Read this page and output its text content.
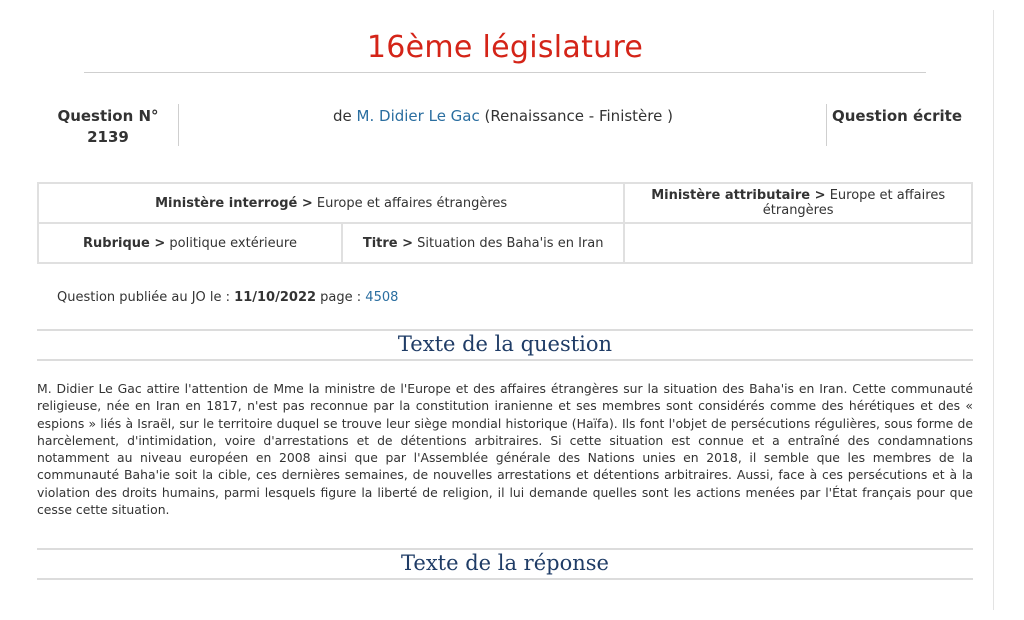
16ème législature
Question N°
2139
de M. Didier Le Gac (Renaissance - Finistère )	Question écrite
Ministère interrogé > Europe et affaires étrangères		Ministère attributaire > Europe et affaires étrangères
Rubrique > politique extérieure	Titre > Situation des Baha'is en Iran	
Question publiée au JO le : 11/10/2022 page : 4508
Texte de la question
M. Didier Le Gac attire l'attention de Mme la ministre de l'Europe et des affaires étrangères sur la situation des Baha'is en Iran. Cette communauté religieuse, née en Iran en 1817, n'est pas reconnue par la constitution iranienne et ses membres sont considérés comme des hérétiques et des « espions » liés à Israël, sur le territoire duquel se trouve leur siège mondial historique (Haïfa). Ils font l'objet de persécutions régulières, sous forme de harcèlement, d'intimidation, voire d'arrestations et de détentions arbitraires. Si cette situation est connue et a entraîné des condamnations notamment au niveau européen en 2008 ainsi que par l'Assemblée générale des Nations unies en 2018, il semble que les membres de la communauté Baha'ie soit la cible, ces dernières semaines, de nouvelles arrestations et détentions arbitraires. Aussi, face à ces persécutions et à la violation des droits humains, parmi lesquels figure la liberté de religion, il lui demande quelles sont les actions menées par l'État français pour que cesse cette situation.
Texte de la réponse
